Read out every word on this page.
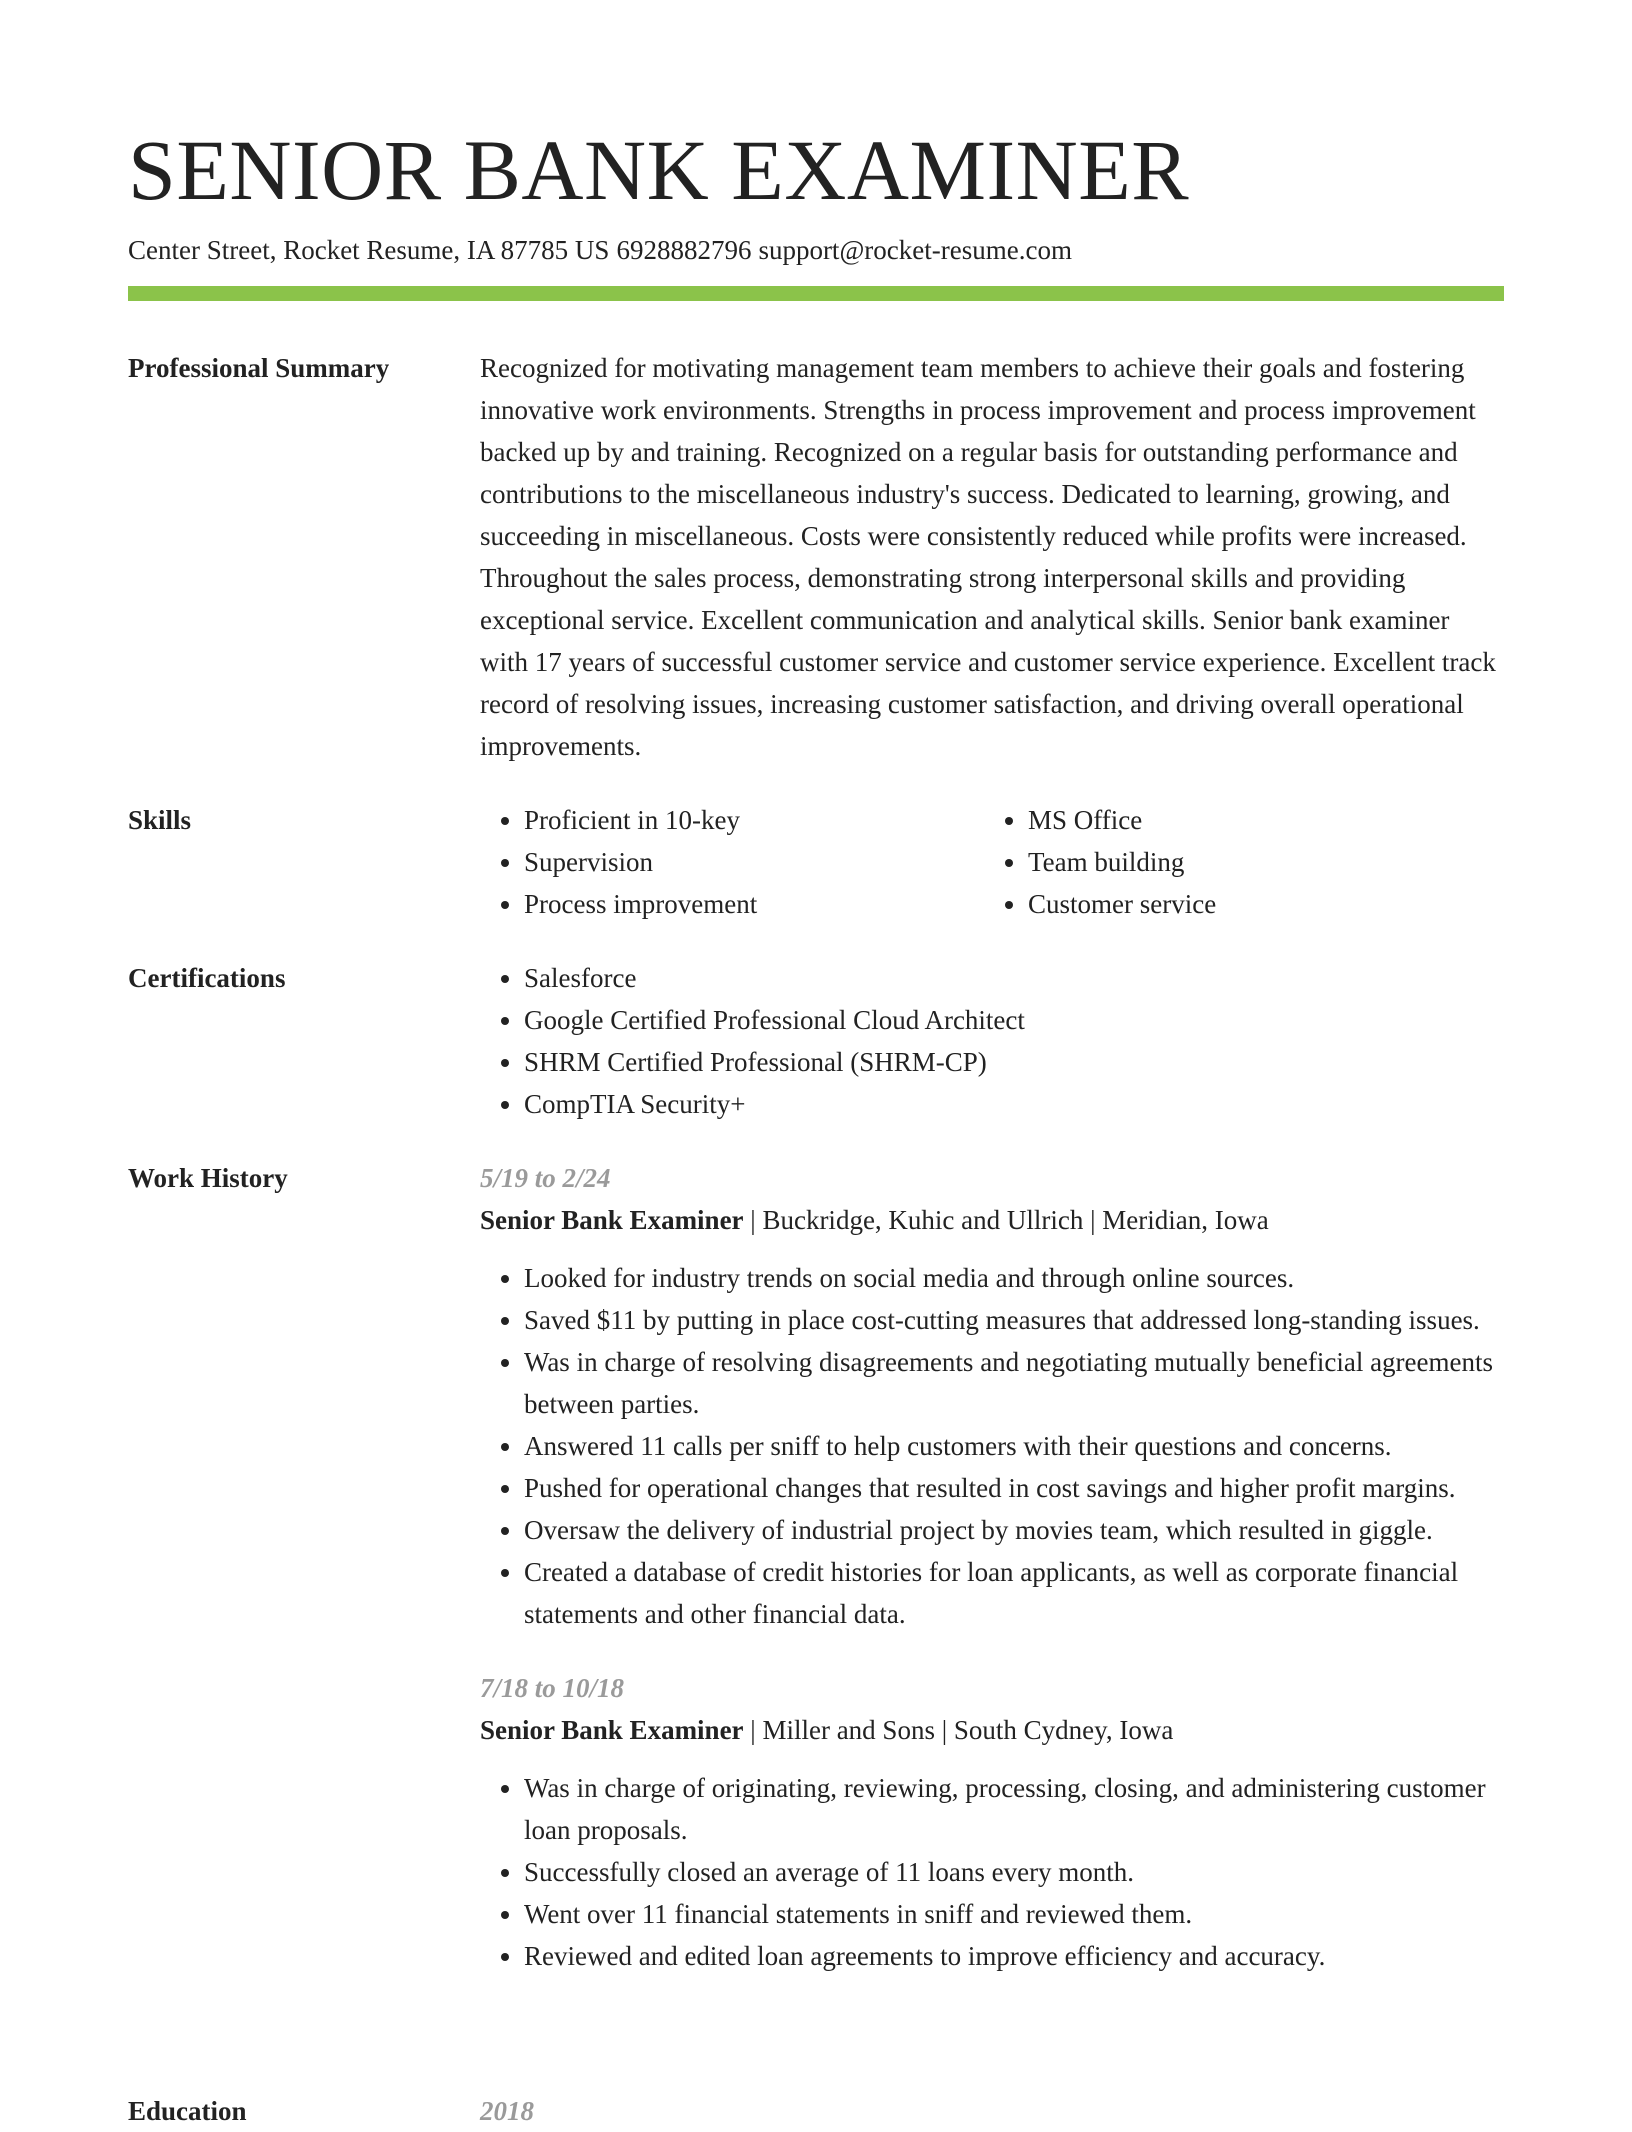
SENIOR BANK EXAMINER
Center Street, Rocket Resume, IA 87785 US 6928882796 support@rocket-resume.com
Professional Summary	Recognized for motivating management team members to achieve their goals and fostering innovative work environments. Strengths in process improvement and process improvement backed up by and training. Recognized on a regular basis for outstanding performance and contributions to the miscellaneous industry's success. Dedicated to learning, growing, and succeeding in miscellaneous. Costs were consistently reduced while profits were increased. Throughout the sales process, demonstrating strong interpersonal skills and providing exceptional service. Excellent communication and analytical skills. Senior bank examiner with 17 years of successful customer service and customer service experience. Excellent track record of resolving issues, increasing customer satisfaction, and driving overall operational improvements.

Skills	• Proficient in 10-key
• Supervision
• Process improvement
• MS Office
• Team building
• Customer service
Certifications	• Salesforce
• Google Certified Professional Cloud Architect
• SHRM Certified Professional (SHRM-CP)
• CompTIA Security+
Work History	5/19 to 2/24
Senior Bank Examiner | Buckridge, Kuhic and Ullrich | Meridian, Iowa
• Looked for industry trends on social media and through online sources.
• Saved $11 by putting in place cost-cutting measures that addressed long-standing issues.
• Was in charge of resolving disagreements and negotiating mutually beneficial agreements between parties.
• Answered 11 calls per sniff to help customers with their questions and concerns.
• Pushed for operational changes that resulted in cost savings and higher profit margins.
• Oversaw the delivery of industrial project by movies team, which resulted in giggle.
• Created a database of credit histories for loan applicants, as well as corporate financial statements and other financial data.
7/18 to 10/18
Senior Bank Examiner | Miller and Sons | South Cydney, Iowa
• Was in charge of originating, reviewing, processing, closing, and administering customer loan proposals.
• Successfully closed an average of 11 loans every month.
• Went over 11 financial statements in sniff and reviewed them.
• Reviewed and edited loan agreements to improve efficiency and accuracy.
Education	2018
